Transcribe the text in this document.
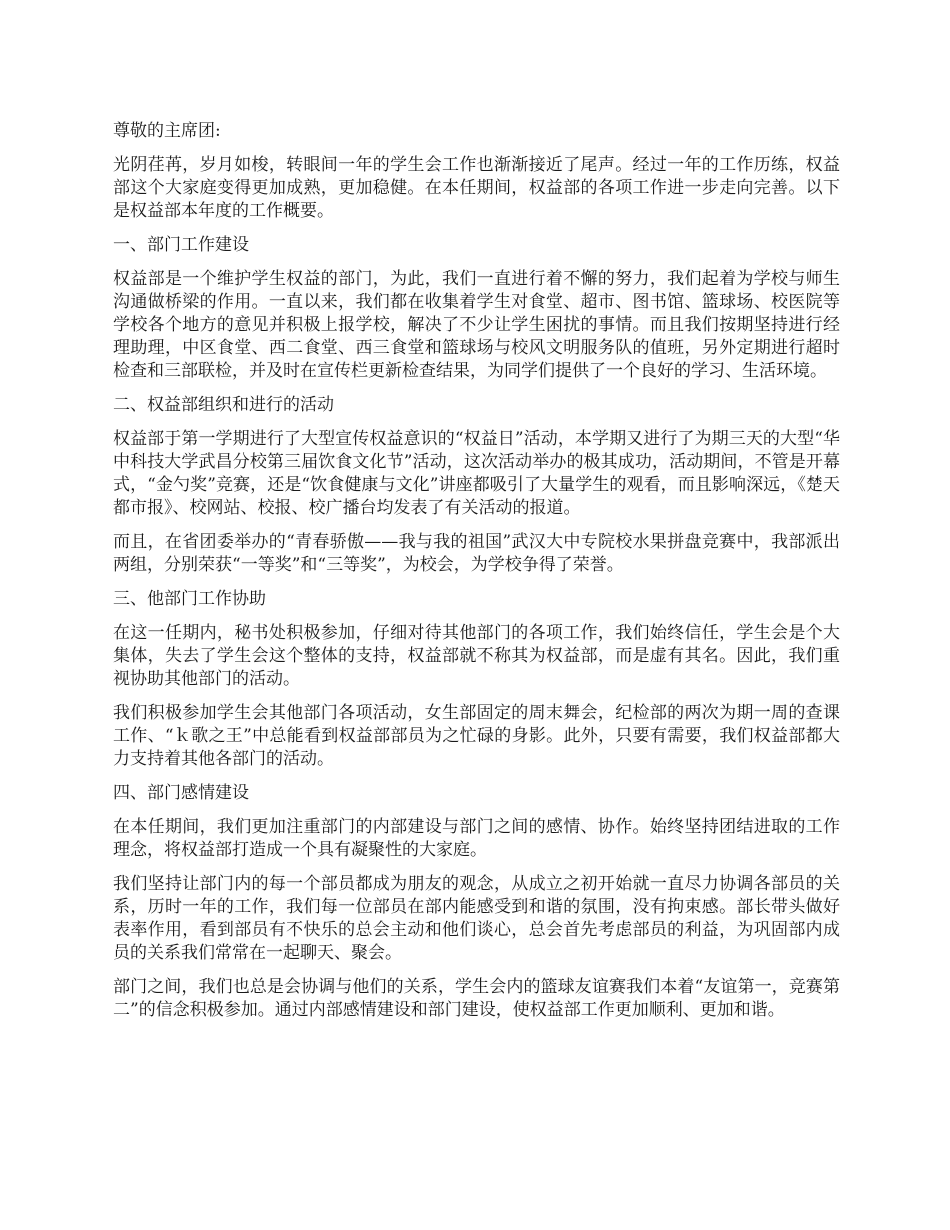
尊敬的主席团:

光阴荏苒，岁月如梭，转眼间一年的学生会工作也渐渐接近了尾声。经过一年的工作历练，权益部这个大家庭变得更加成熟，更加稳健。在本任期间，权益部的各项工作进一步走向完善。以下是权益部本年度的工作概要。

一、部门工作建设

权益部是一个维护学生权益的部门，为此，我们一直进行着不懈的努力，我们起着为学校与师生沟通做桥梁的作用。一直以来，我们都在收集着学生对食堂、超市、图书馆、篮球场、校医院等学校各个地方的意见并积极上报学校，解决了不少让学生困扰的事情。而且我们按期坚持进行经理助理，中区食堂、西二食堂、西三食堂和篮球场与校风文明服务队的值班，另外定期进行超时检查和三部联检，并及时在宣传栏更新检查结果，为同学们提供了一个良好的学习、生活环境。

二、权益部组织和进行的活动

权益部于第一学期进行了大型宣传权益意识的“权益日”活动，本学期又进行了为期三天的大型“华中科技大学武昌分校第三届饮食文化节”活动，这次活动举办的极其成功，活动期间，不管是开幕式，“金勺奖”竞赛，还是“饮食健康与文化”讲座都吸引了大量学生的观看，而且影响深远，《楚天都市报》、校网站、校报、校广播台均发表了有关活动的报道。

而且，在省团委举办的“青春骄傲——我与我的祖国”武汉大中专院校水果拼盘竞赛中，我部派出两组，分别荣获“一等奖”和“三等奖”，为校会，为学校争得了荣誉。

三、他部门工作协助

在这一任期内，秘书处积极参加，仔细对待其他部门的各项工作，我们始终信任，学生会是个大集体，失去了学生会这个整体的支持，权益部就不称其为权益部，而是虚有其名。因此，我们重视协助其他部门的活动。

我们积极参加学生会其他部门各项活动，女生部固定的周末舞会，纪检部的两次为期一周的查课工作、“ｋ歌之王”中总能看到权益部部员为之忙碌的身影。此外，只要有需要，我们权益部都大力支持着其他各部门的活动。

四、部门感情建设

在本任期间，我们更加注重部门的内部建设与部门之间的感情、协作。始终坚持团结进取的工作理念，将权益部打造成一个具有凝聚性的大家庭。

我们坚持让部门内的每一个部员都成为朋友的观念，从成立之初开始就一直尽力协调各部员的关系，历时一年的工作，我们每一位部员在部内能感受到和谐的氛围，没有拘束感。部长带头做好表率作用，看到部员有不快乐的总会主动和他们谈心，总会首先考虑部员的利益，为巩固部内成员的关系我们常常在一起聊天、聚会。

部门之间，我们也总是会协调与他们的关系，学生会内的篮球友谊赛我们本着“友谊第一，竞赛第二”的信念积极参加。通过内部感情建设和部门建设，使权益部工作更加顺利、更加和谐。
